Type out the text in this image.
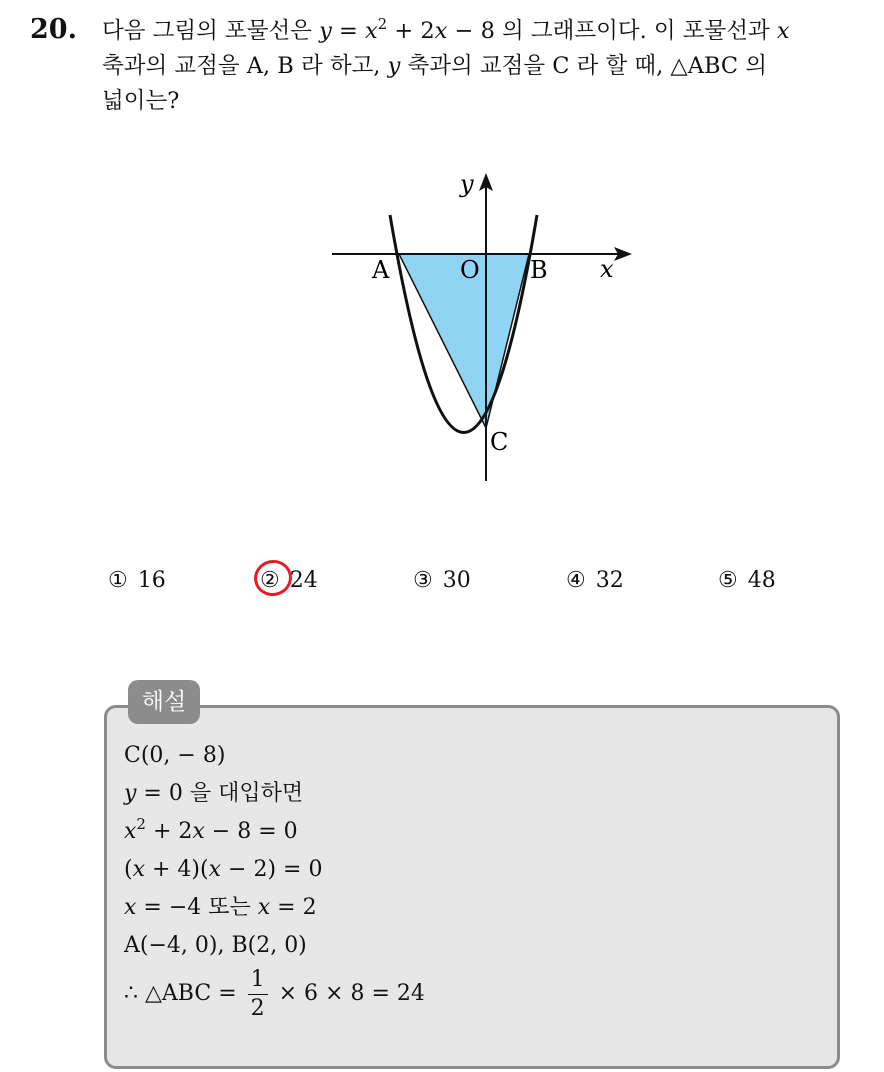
20. 다음 그림의 포물선은 $y = x^2 + 2x - 8$ 의 그래프이다. 이 포물선과 x
축과의 교점을 A, B 라 하고, y 축과의 교점을 C 라 할 때, △ABC 의
넓이는?
y
x
A	O B
C
① 16	② 24	③ 30	④ 32	⑤ 48
해설
C(0, − 8)
y = 0 을 대입하면
$x^2 + 2x - 8 = 0$
(x + 4)(x − 2) = 0
x = −4 또는 x = 2
A(−4, 0), B(2, 0)
∴ △ABC = $\frac{1}{2} \times 6 \times 8 = 24$
